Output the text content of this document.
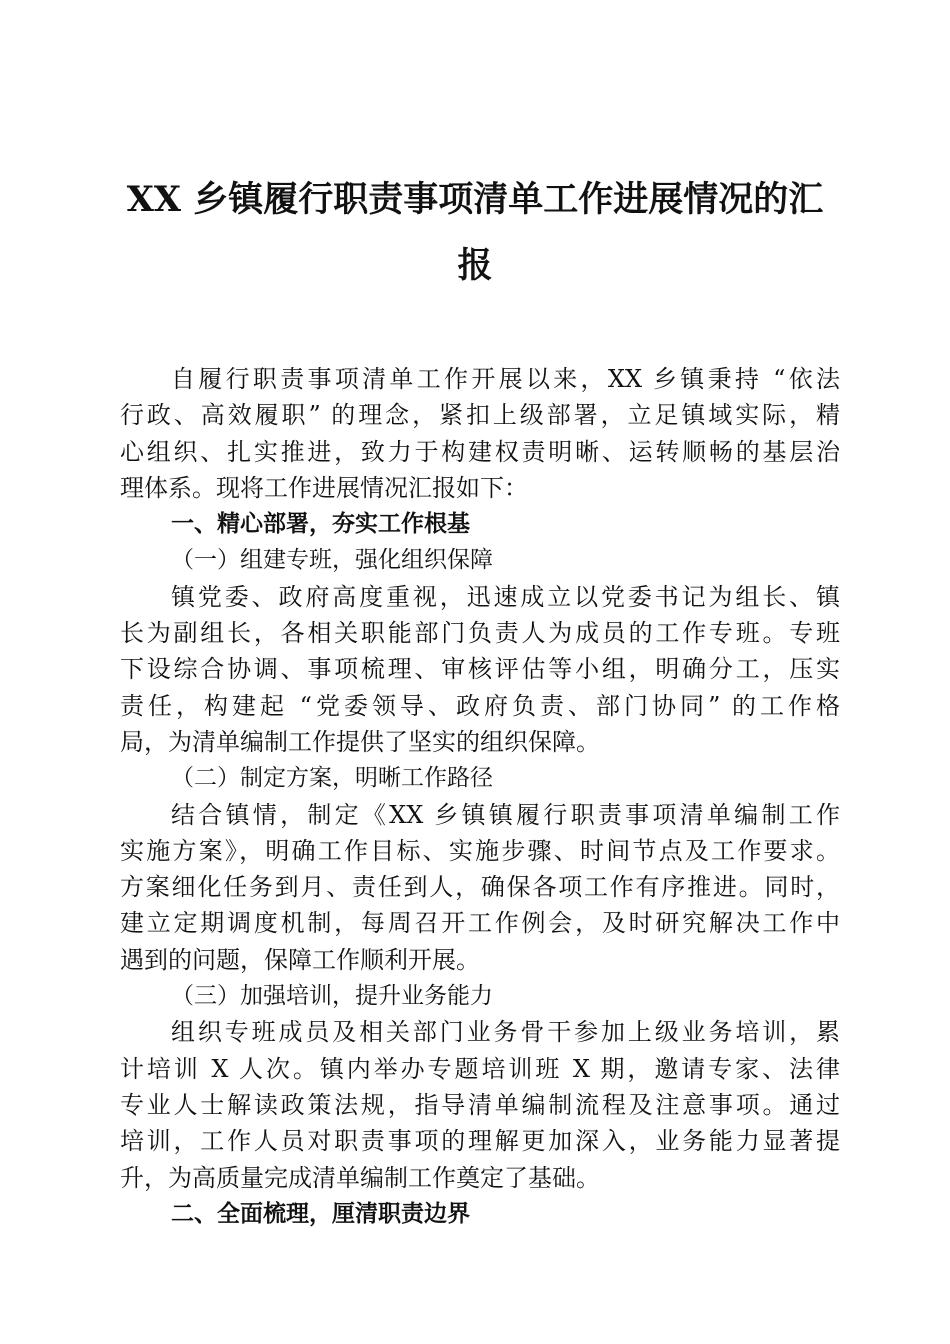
XX 乡镇履行职责事项清单工作进展情况的汇
报
自履行职责事项清单工作开展以来，XX 乡镇秉持 “依法
行政、高效履职” 的理念，紧扣上级部署，立足镇域实际，精
心组织、扎实推进，致力于构建权责明晰、运转顺畅的基层治
理体系。现将工作进展情况汇报如下：
一、精心部署，夯实工作根基
（一）组建专班，强化组织保障
镇党委、政府高度重视，迅速成立以党委书记为组长、镇
长为副组长，各相关职能部门负责人为成员的工作专班。专班
下设综合协调、事项梳理、审核评估等小组，明确分工，压实
责任，构建起 “党委领导、政府负责、部门协同” 的工作格
局，为清单编制工作提供了坚实的组织保障。
（二）制定方案，明晰工作路径
结合镇情，制定《XX 乡镇镇履行职责事项清单编制工作
实施方案》，明确工作目标、实施步骤、时间节点及工作要求。
方案细化任务到月、责任到人，确保各项工作有序推进。同时，
建立定期调度机制，每周召开工作例会，及时研究解决工作中
遇到的问题，保障工作顺利开展。
（三）加强培训，提升业务能力
组织专班成员及相关部门业务骨干参加上级业务培训，累
计培训 X 人次。镇内举办专题培训班 X 期，邀请专家、法律
专业人士解读政策法规，指导清单编制流程及注意事项。通过
培训，工作人员对职责事项的理解更加深入，业务能力显著提
升，为高质量完成清单编制工作奠定了基础。
二、全面梳理，厘清职责边界
